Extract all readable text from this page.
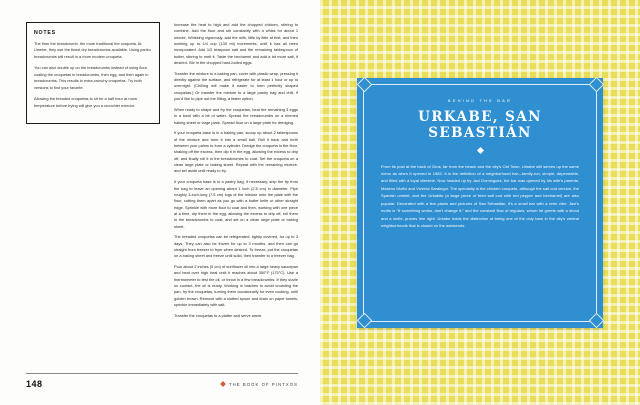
NOTES

The finer the breadcrumb, the more traditional the croqueta. At Umebe, they use the finest dry breadcrumbs available. Using panko breadcrumbs will result in a more modern croqueta.

You can also double up on the breadcrumbs instead of using flour, coating the croquetas in breadcrumbs, then egg, and then again in breadcrumbs. This results in extra-crunchy croquetas. Try both versions to find your favorite.

Allowing the breaded croquetas to sit for a half hour at room temperature before frying will give you a crunchier exterior.

Increase the heat to high and add the chopped chicken, stirring to combine. Add the flour and stir constantly with a whisk for about 1 minute. Whisking vigorously, add the milk, little by little at first, and then working up to 1/4 cup (130 ml) increments, until it has all been incorporated. Add 1/2 teaspoon salt and the remaining tablespoon of butter, stirring to melt it. Taste the bechamel and add a bit more salt, if desired. Stir in the chopped hard-boiled eggs.

Transfer the mixture to a baking pan, cover with plastic wrap, pressing it directly against the surface, and refrigerate for at least 1 hour or up to overnight. (Chilling will make it easier to form perfectly shaped croquetas.) Or transfer the mixture to a large pastry bag and chill, if you'd like to pipe out the filling, a faster option.

When ready to shape and fry the croquetas, beat the remaining 3 eggs in a bowl with a bit of water. Spread the breadcrumbs on a rimmed baking sheet or large plate. Spread flour on a large plate for dredging.

If your croqueta base is in a baking pan, scoop up about 2 tablespoons of the mixture and form it into a small ball. Roll it back and forth between your palms to form a cylinder. Dredge the croqueta in the flour, shaking off the excess, then dip it in the egg, allowing the excess to drip off, and finally roll it in the breadcrumbs to coat. Set the croqueta on a clean large plate or baking sheet. Repeat with the remaining mixture, and set aside until ready to fry.

If your croqueta base is in a pastry bag, if necessary, snip the tip from the bag to leave an opening about 1 inch (2.5 cm) in diameter. Pipe roughly 3-inch-long (7.5 cm) logs of the mixture onto the plate with the flour, cutting them apart as you go with a butter knife or other straight edge. Sprinkle with more flour to coat and then, working with one piece at a time, dip them in the egg, allowing the excess to drip off, roll them in the breadcrumbs to coat, and set on a clean large plate or baking sheet.

The breaded croquetas can be refrigerated, tightly covered, for up to 3 days. They can also be frozen for up to 3 months, and then can go straight from freezer to fryer when desired. To freeze, put the croquetas on a baking sheet and freeze until solid, then transfer to a freezer bag.

Pour about 2 inches (5 cm) of sunflower oil into a large heavy saucepan and heat over high heat until it reaches about 350°F (175°C). Use a thermometer to test the oil, or throw in a few breadcrumbs: If they sizzle on contact, the oil is ready. Working in batches to avoid crowding the pan, fry the croquetas, turning them occasionally for even cooking, until golden brown. Remove with a slotted spoon and drain on paper towels; sprinkle immediately with salt.

Transfer the croquetas to a platter and serve warm.

148	THE BOOK OF PINTXOS
BEHIND THE BAR
URKABE, SAN SEBASTIÁN

From its post at the back of Gros, far from the beach and the city's Old Town, Urkabe still serves up the same menu as when it opened in 1982. It is the definition of a neighborhood bar—family-run, simple, dependable, and filled with a loyal clientele. Now headed up by Javi Dominguez, the bar was opened by his wife's parents, Máximo Muñiz and Vicenta Saralegui. The speciality is the chicken croquets, although the salt cod version, the Spanish omelet, and the Urkabito (a large piece of fried salt cod with red pepper and bechamel) are also popular. Decorated with a few plants and pictures of San Sebastián, it's a small bar with a retro vibe. Javi's motto is "If something works, don't change it," and the constant flow of regulars, whom he greets with a shout and a smile, proves him right. Urkabe holds the distinction of being one of the only bars in the city's central neighborhoods that is closed on the weekends.
